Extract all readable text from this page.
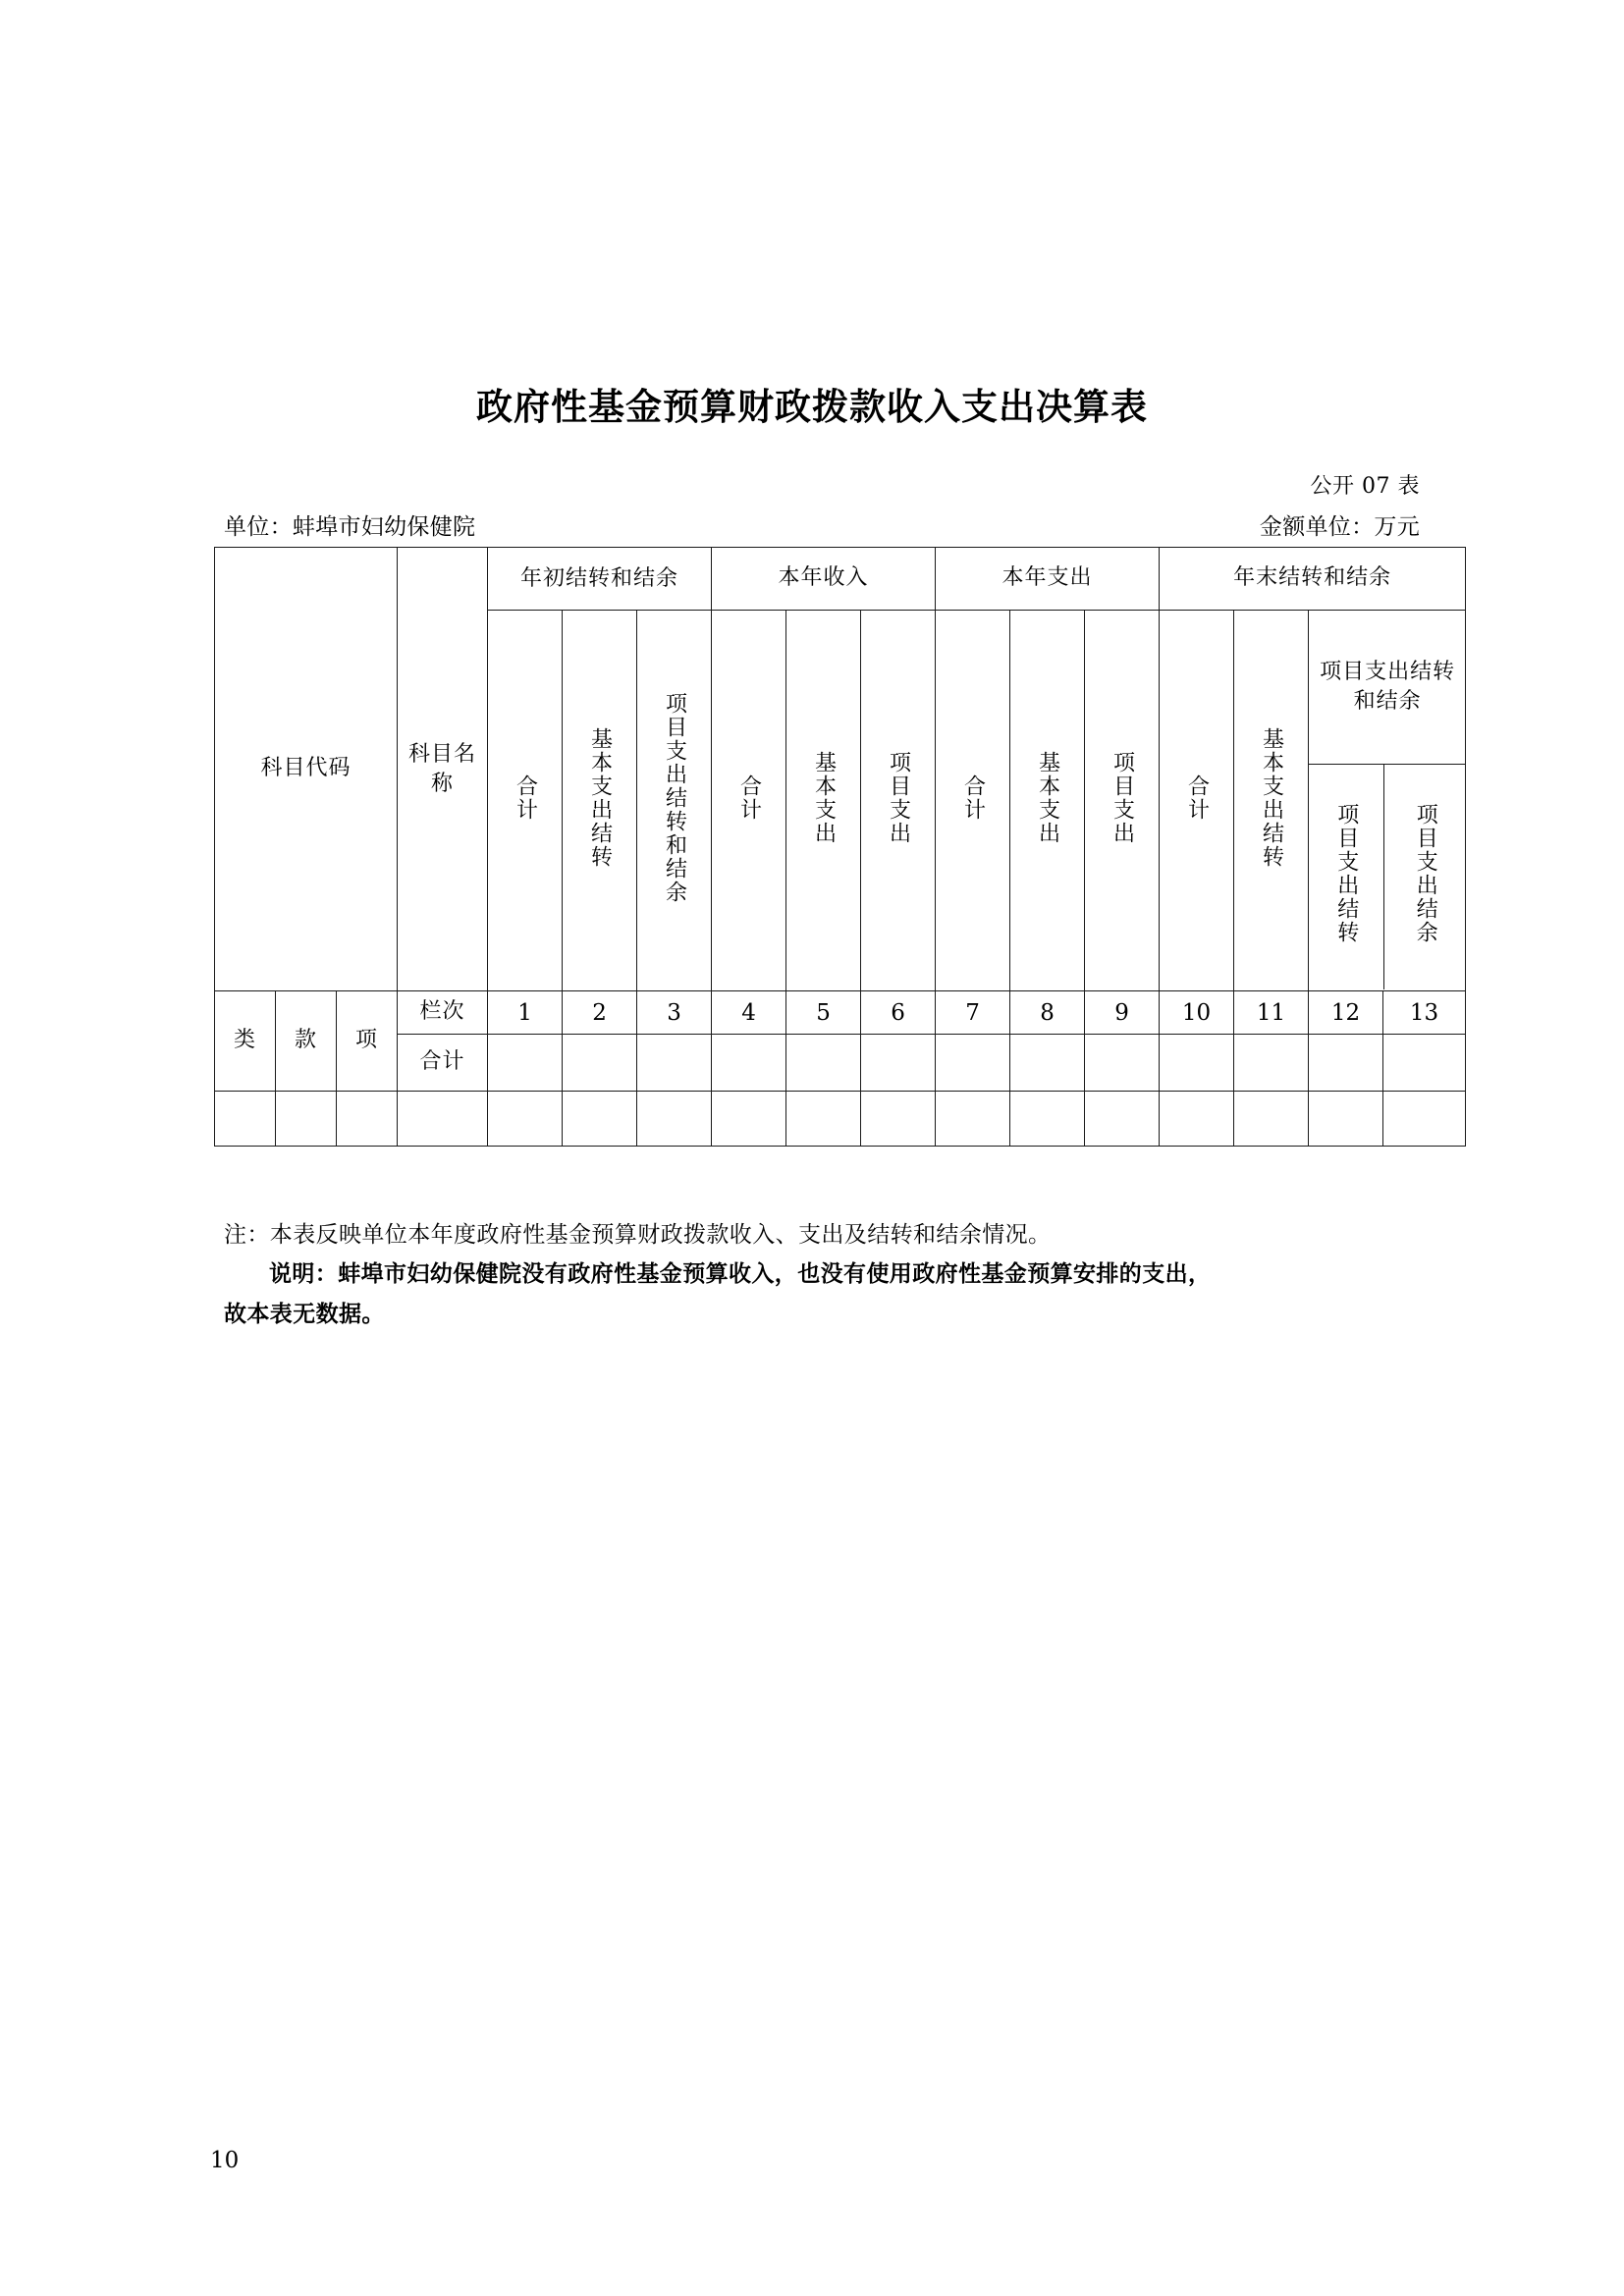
政府性基金预算财政拨款收入支出决算表
公开 07 表
单位：蚌埠市妇幼保健院	金额单位：万元
科目代码	
科目名称

年初结转和结余	本年收入	本年支出	年末结转和结余
合计	基本支出结转	项目支出结转和结余	合计	基本支出	项目支出	合计	基本支出	项目支出	合计	基本支出结转	
项目支出结转和结余

项目支出结转	项目支出结余

类	款	项	栏次	1	2	3	4	5	6	7	8	9	10	11	12	13
合计													

注：本表反映单位本年度政府性基金预算财政拨款收入、支出及结转和结余情况。
说明：蚌埠市妇幼保健院没有政府性基金预算收入，也没有使用政府性基金预算安排的支出，
故本表无数据。
10
